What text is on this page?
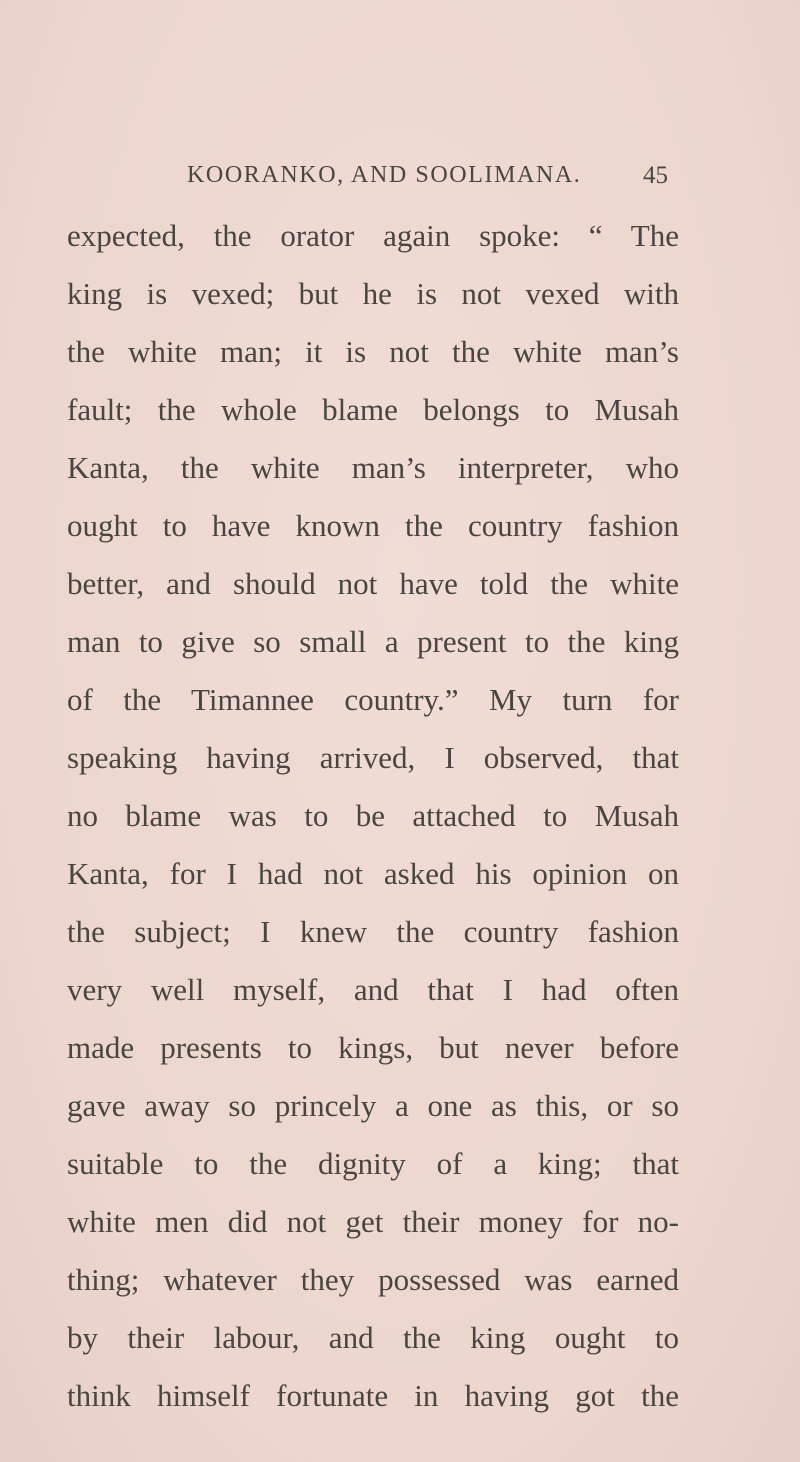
KOORANKO, AND SOOLIMANA. 45
expected, the orator again spoke: “ The
king is vexed; but he is not vexed with
the white man; it is not the white man’s
fault; the whole blame belongs to Musah
Kanta, the white man’s interpreter, who
ought to have known the country fashion
better, and should not have told the white
man to give so small a present to the king
of the Timannee country.” My turn for
speaking having arrived, I observed, that
no blame was to be attached to Musah
Kanta, for I had not asked his opinion on
the subject; I knew the country fashion
very well myself, and that I had often
made presents to kings, but never before
gave away so princely a one as this, or so
suitable to the dignity of a king; that
white men did not get their money for no-
thing; whatever they possessed was earned
by their labour, and the king ought to
think himself fortunate in having got the
